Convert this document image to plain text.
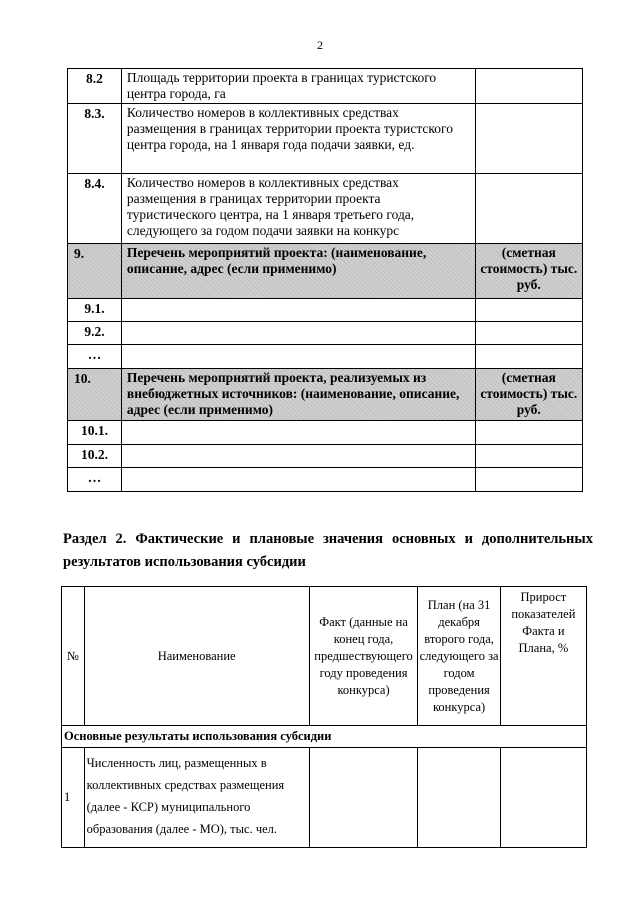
2
8.2	Площадь территории проекта в границах туристского центра города, га	
8.3.	Количество номеров в коллективных средствах размещения в границах территории проекта туристского центра города, на 1 января года подачи заявки, ед.	
8.4.	Количество номеров в коллективных средствах размещения в границах территории проекта туристического центра, на 1 января третьего года, следующего за годом подачи заявки на конкурс	
9.	Перечень мероприятий проекта: (наименование, описание, адрес (если применимо)	(сметная стоимость) тыс. руб.
9.1.		
9.2.		
…		
10.	Перечень мероприятий проекта, реализуемых из внебюджетных источников: (наименование, описание, адрес (если применимо)	(сметная стоимость) тыс. руб.
10.1.		
10.2.		
…		
Раздел 2. Фактические и плановые значения основных и дополнительных результатов использования субсидии
№	Наименование	Факт (данные на конец года, предшествующего году проведения конкурса)	План (на 31 декабря второго года, следующего за годом проведения конкурса)	Прирост показателей Факта и Плана, %
Основные результаты использования субсидии				
1	Численность лиц, размещенных в коллективных средствах размещения (далее - КСР) муниципального образования (далее - МО), тыс. чел.			
